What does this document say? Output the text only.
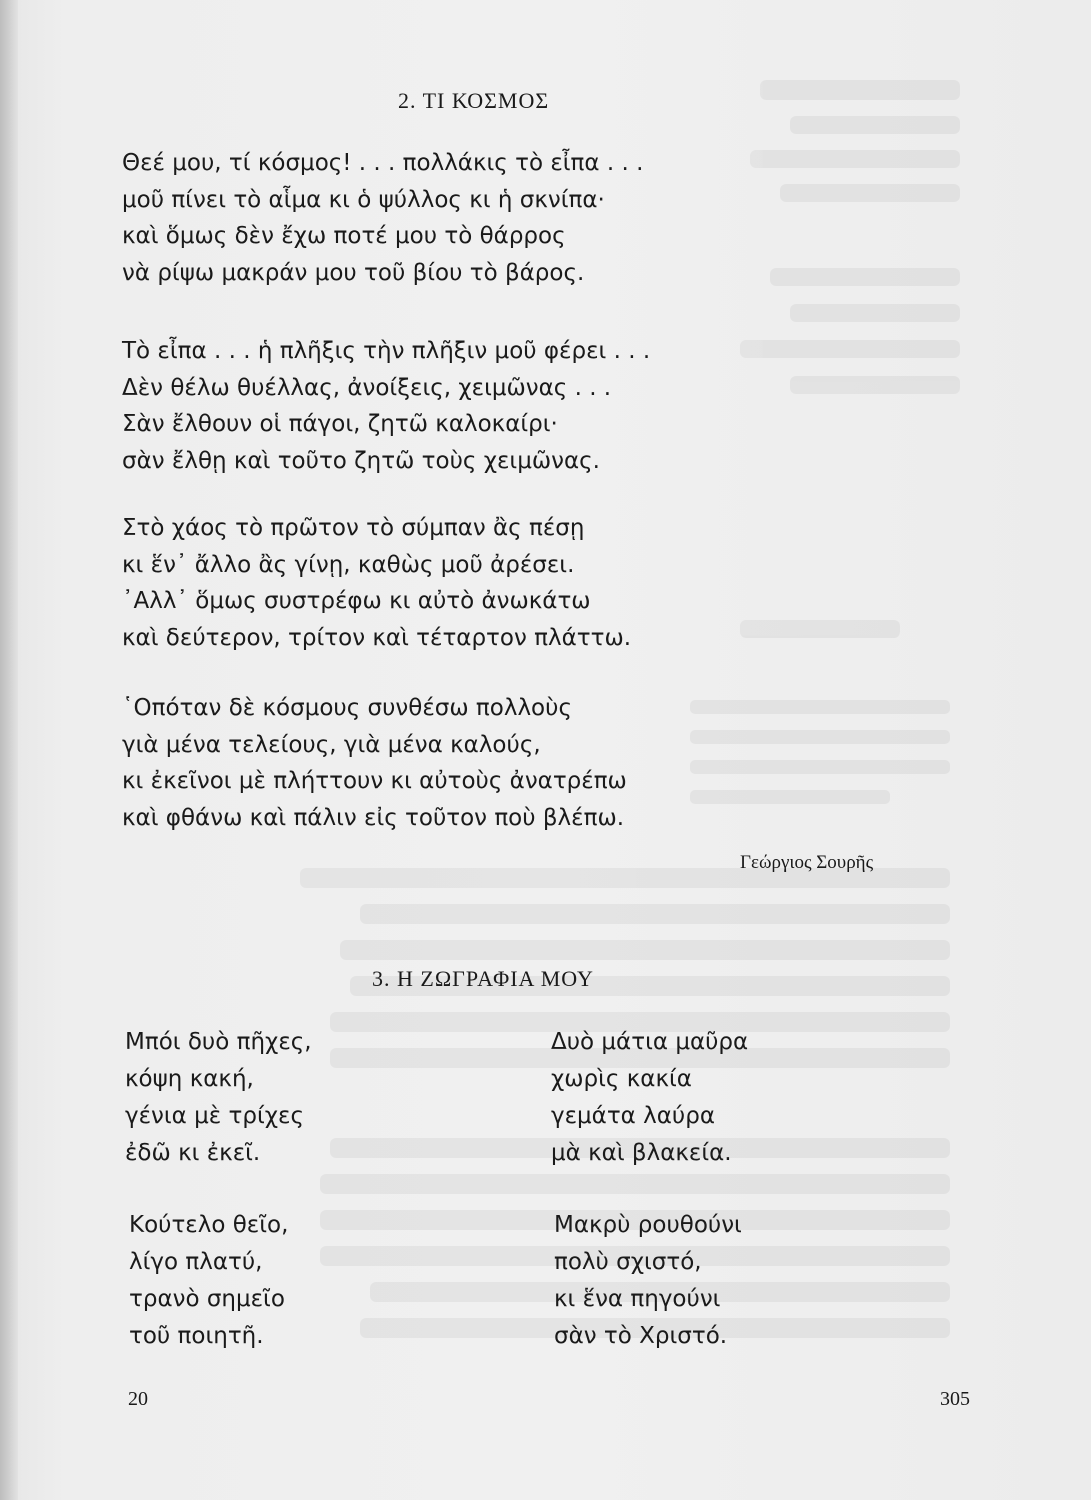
2. ΤΙ ΚΟΣΜΟΣ
Θεέ μου, τί κόσμος! . . . πολλάκις τὸ εἶπα . . .
μοῦ πίνει τὸ αἷμα κι ὁ ψύλλος κι ἡ σκνίπα·
καὶ ὅμως δὲν ἔχω ποτέ μου τὸ θάρρος
νὰ ρίψω μακράν μου τοῦ βίου τὸ βάρος.
Τὸ εἶπα . . . ἡ πλῆξις τὴν πλῆξιν μοῦ φέρει . . .
Δὲν θέλω θυέλλας, ἀνοίξεις, χειμῶνας . . .
Σὰν ἔλθουν οἱ πάγοι, ζητῶ καλοκαίρι·
σὰν ἔλθῃ καὶ τοῦτο ζητῶ τοὺς χειμῶνας.
Στὸ χάος τὸ πρῶτον τὸ σύμπαν ἂς πέσῃ
κι ἕν᾽ ἄλλο ἂς γίνῃ, καθὼς μοῦ ἀρέσει.
᾽Αλλ᾽ ὅμως συστρέφω κι αὐτὸ ἀνωκάτω
καὶ δεύτερον, τρίτον καὶ τέταρτον πλάττω.
῾Οπόταν δὲ κόσμους συνθέσω πολλοὺς
γιὰ μένα τελείους, γιὰ μένα καλούς,
κι ἐκεῖνοι μὲ πλήττουν κι αὐτοὺς ἀνατρέπω
καὶ φθάνω καὶ πάλιν εἰς τοῦτον ποὺ βλέπω.
Γεώργιος Σουρῆς
3. Η ΖΩΓΡΑΦΙΑ ΜΟΥ
Μπόι δυὸ πῆχες,
κόψη κακή,
γένια μὲ τρίχες
ἐδῶ κι ἐκεῖ.
Δυὸ μάτια μαῦρα
χωρὶς κακία
γεμάτα λαύρα
μὰ καὶ βλακεία.
Κούτελο θεῖο,
λίγο πλατύ,
τρανὸ σημεῖο
τοῦ ποιητῆ.
Μακρὺ ρουθούνι
πολὺ σχιστό,
κι ἕνα πηγούνι
σὰν τὸ Χριστό.
20	305
